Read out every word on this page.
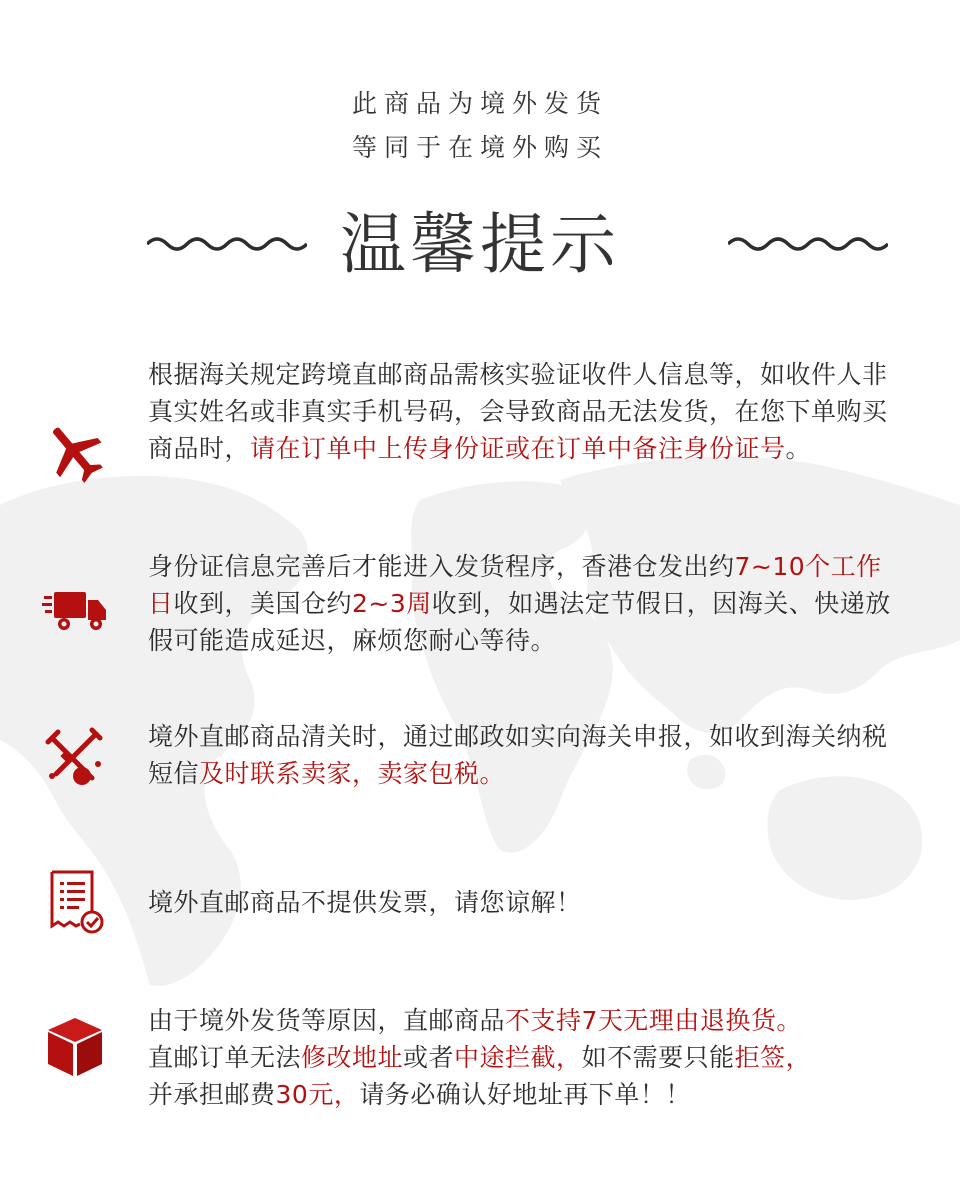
此商品为境外发货
等同于在境外购买
温馨提示
根据海关规定跨境直邮商品需核实验证收件人信息等，如收件人非真实姓名或非真实手机号码，会导致商品无法发货，在您下单购买商品时，请在订单中上传身份证或在订单中备注身份证号。
身份证信息完善后才能进入发货程序，香港仓发出约7~10个工作日收到，美国仓约2~3周收到，如遇法定节假日，因海关、快递放假可能造成延迟，麻烦您耐心等待。
境外直邮商品清关时，通过邮政如实向海关申报，如收到海关纳税短信及时联系卖家，卖家包税。
境外直邮商品不提供发票，请您谅解！
由于境外发货等原因，直邮商品不支持7天无理由退换货。
直邮订单无法修改地址或者中途拦截，如不需要只能拒签，
并承担邮费30元，请务必确认好地址再下单！！
